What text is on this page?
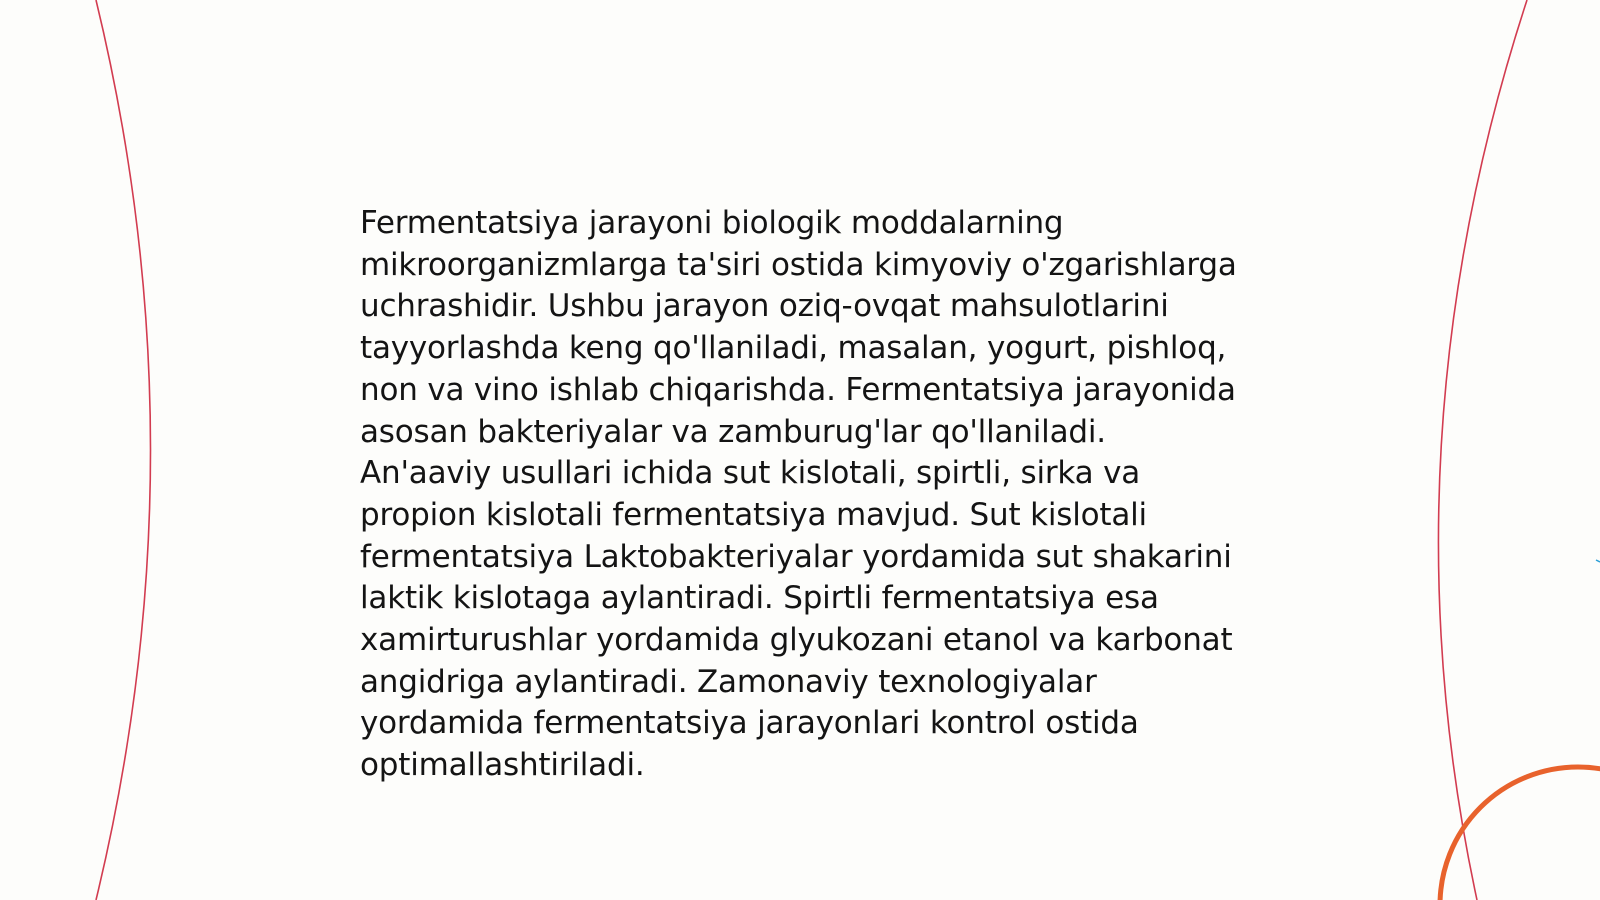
Fermentatsiya jarayoni biologik moddalarning mikroorganizmlarga ta'siri ostida kimyoviy o'zgarishlarga uchrashidir. Ushbu jarayon oziq-ovqat mahsulotlarini tayyorlashda keng qo'llaniladi, masalan, yogurt, pishloq, non va vino ishlab chiqarishda. Fermentatsiya jarayonida asosan bakteriyalar va zamburug'lar qo'llaniladi. An'aaviy usullari ichida sut kislotali, spirtli, sirka va propion kislotali fermentatsiya mavjud. Sut kislotali fermentatsiya Laktobakteriyalar yordamida sut shakarini laktik kislotaga aylantiradi. Spirtli fermentatsiya esa xamirturushlar yordamida glyukozani etanol va karbonat angidriga aylantiradi. Zamonaviy texnologiyalar yordamida fermentatsiya jarayonlari kontrol ostida optimallashtiriladi.
